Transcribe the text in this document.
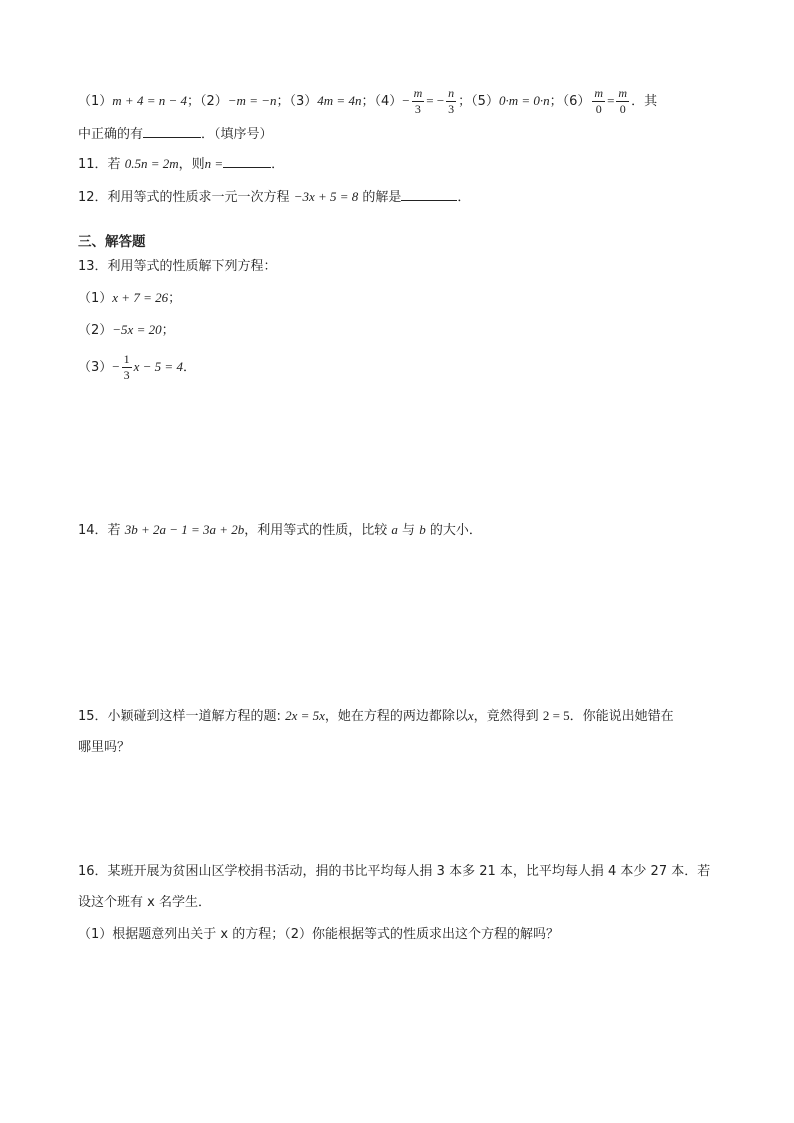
（1）m + 4 = n − 4；（2）−m = −n；（3）4m = 4n；$(4)- \frac{m}{3}$ = − $\frac{n}{3}$ ；（5）0·m = 0·n；$(6) \frac{m}{0} = \frac{m}{0}$ ．其
中正确的有	．（填序号）
11．若 0.5n = 2m，则n =	．
12．利用等式的性质求一元一次方程 −3x + 5 = 8 的解是	．
三、解答题
13．利用等式的性质解下列方程：
（1）x + 7 = 26；
（2）−5x = 20；
$(3)- \frac{1}{3}$ x − 5 = 4．
14．若 3b + 2a − 1 = 3a + 2b，利用等式的性质，比较 a 与 b 的大小．
15．小颖碰到这样一道解方程的题: 2x = 5x，她在方程的两边都除以x，竟然得到 2 = 5．你能说出她错在
哪里吗？
16．某班开展为贫困山区学校捐书活动，捐的书比平均每人捐 3 本多 21 本，比平均每人捐 4 本少 27 本．若
设这个班有 x 名学生．
（1）根据题意列出关于 x 的方程；（2）你能根据等式的性质求出这个方程的解吗？
